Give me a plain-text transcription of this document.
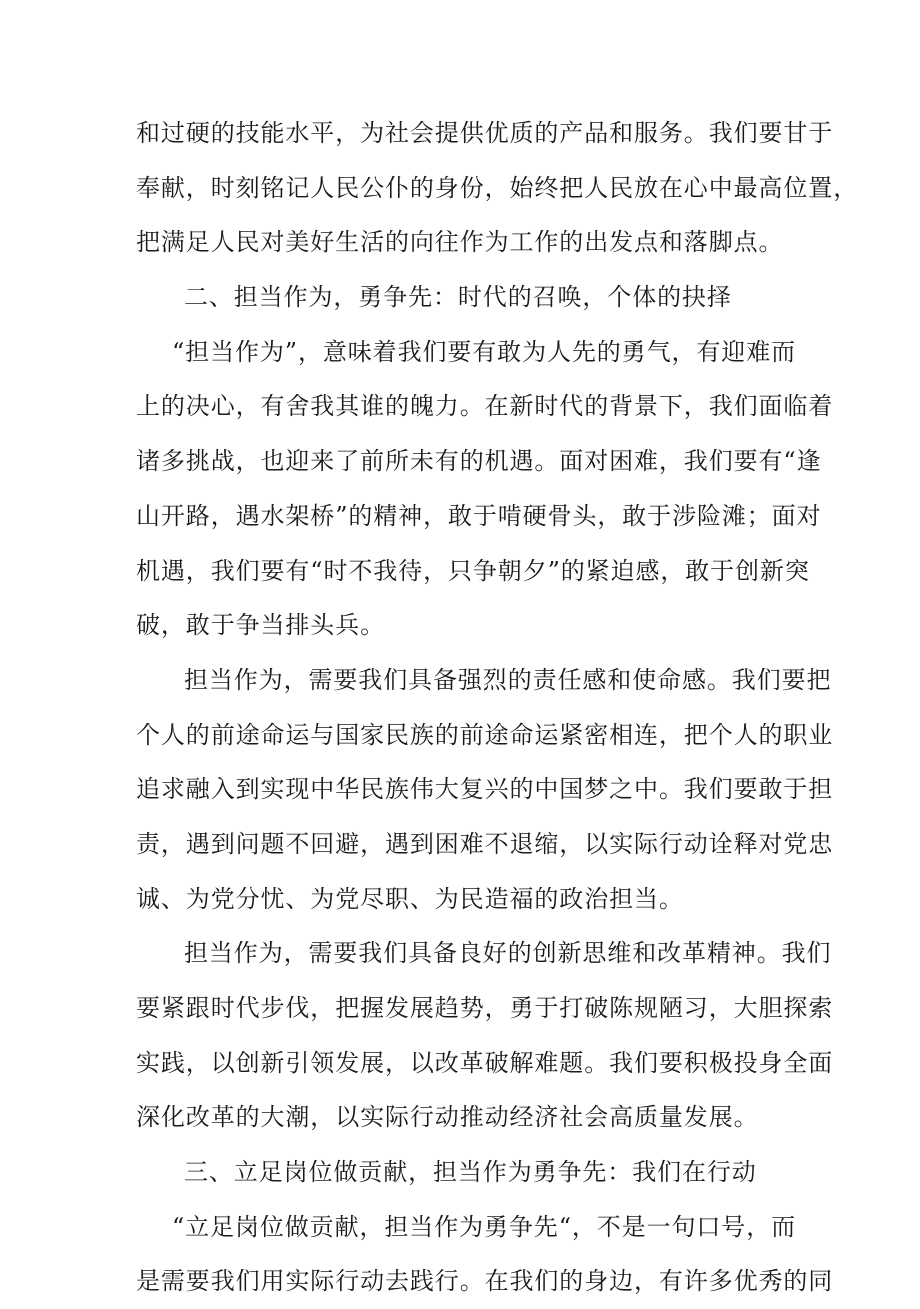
和过硬的技能水平，为社会提供优质的产品和服务。我们要甘于
奉献，时刻铭记人民公仆的身份，始终把人民放在心中最高位置，
把满足人民对美好生活的向往作为工作的出发点和落脚点。
二、担当作为，勇争先：时代的召唤，个体的抉择
“担当作为”，意味着我们要有敢为人先的勇气，有迎难而
上的决心，有舍我其谁的魄力。在新时代的背景下，我们面临着
诸多挑战，也迎来了前所未有的机遇。面对困难，我们要有“逢
山开路，遇水架桥”的精神，敢于啃硬骨头，敢于涉险滩；面对
机遇，我们要有“时不我待，只争朝夕”的紧迫感，敢于创新突
破，敢于争当排头兵。
担当作为，需要我们具备强烈的责任感和使命感。我们要把
个人的前途命运与国家民族的前途命运紧密相连，把个人的职业
追求融入到实现中华民族伟大复兴的中国梦之中。我们要敢于担
责，遇到问题不回避，遇到困难不退缩，以实际行动诠释对党忠
诚、为党分忧、为党尽职、为民造福的政治担当。
担当作为，需要我们具备良好的创新思维和改革精神。我们
要紧跟时代步伐，把握发展趋势，勇于打破陈规陋习，大胆探索
实践，以创新引领发展，以改革破解难题。我们要积极投身全面
深化改革的大潮，以实际行动推动经济社会高质量发展。
三、立足岗位做贡献，担当作为勇争先：我们在行动
“立足岗位做贡献，担当作为勇争先“，不是一句口号，而
是需要我们用实际行动去践行。在我们的身边，有许多优秀的同
